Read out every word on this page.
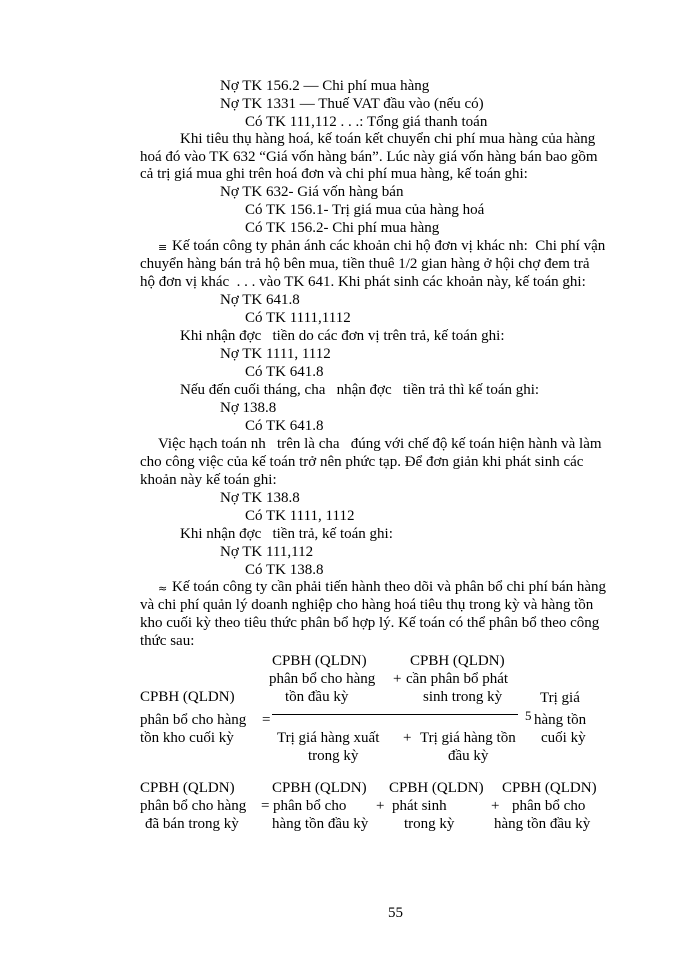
Nợ TK 156.2 — Chi phí mua hàng
Nợ TK 1331 — Thuế VAT đầu vào (nếu có)
Có TK 111,112 . . .: Tổng giá thanh toán
Khi tiêu thụ hàng hoá, kế toán kết chuyển chi phí mua hàng của hàng
hoá đó vào TK 632 “Giá vốn hàng bán”. Lúc này giá vốn hàng bán bao gồm
cả trị giá mua ghi trên hoá đơn và chi phí mua hàng, kế toán ghi:
Nợ TK 632- Giá vốn hàng bán
Có TK 156.1- Trị giá mua của hàng hoá
Có TK 156.2- Chi phí mua hàng
≡ Kế toán công ty phản ánh các khoản chi hộ đơn vị khác nh:  Chi phí vận
chuyển hàng bán trả hộ bên mua, tiền thuê 1/2 gian hàng ở hội chợ đem trả
hộ đơn vị khác  . . . vào TK 641. Khi phát sinh các khoản này, kế toán ghi:
Nợ TK 641.8
Có TK 1111,1112
Khi nhận đợc   tiền do các đơn vị trên trả, kế toán ghi:
Nợ TK 1111, 1112
Có TK 641.8
Nếu đến cuối tháng, cha   nhận đợc   tiền trả thì kế toán ghi:
Nợ 138.8
Có TK 641.8
Việc hạch toán nh   trên là cha   đúng với chế độ kế toán hiện hành và làm
cho công việc của kế toán trở nên phức tạp. Để đơn giản khi phát sinh các
khoản này kế toán ghi:
Nợ TK 138.8
Có TK 1111, 1112
Khi nhận đợc   tiền trả, kế toán ghi:
Nợ TK 111,112
Có TK 138.8
≈ Kế toán công ty cần phải tiến hành theo dõi và phân bổ chi phí bán hàng
và chi phí quản lý doanh nghiệp cho hàng hoá tiêu thụ trong kỳ và hàng tồn
kho cuối kỳ theo tiêu thức phân bổ hợp lý. Kế toán có thể phân bổ theo công
thức sau:
CPBH (QLDN)	CPBH (QLDN)
phân bổ cho hàng + cần phân bổ phát
tồn đầu kỳ	sinh trong kỳ
CPBH (QLDN)
phân bổ cho hàng =
tồn kho cuối kỳ	Trị giá hàng xuất + Trị giá hàng tồn
trong kỳ	đầu kỳ
5
Trị giá
hàng tồn
cuối kỳ
CPBH (QLDN) CPBH (QLDN) CPBH (QLDN) CPBH (QLDN)
phân bổ cho hàng = phân bổ cho + phát sinh	+ phân bổ cho
đã bán trong kỳ hàng tồn đầu kỳ trong kỳ	hàng tồn đầu kỳ
55
